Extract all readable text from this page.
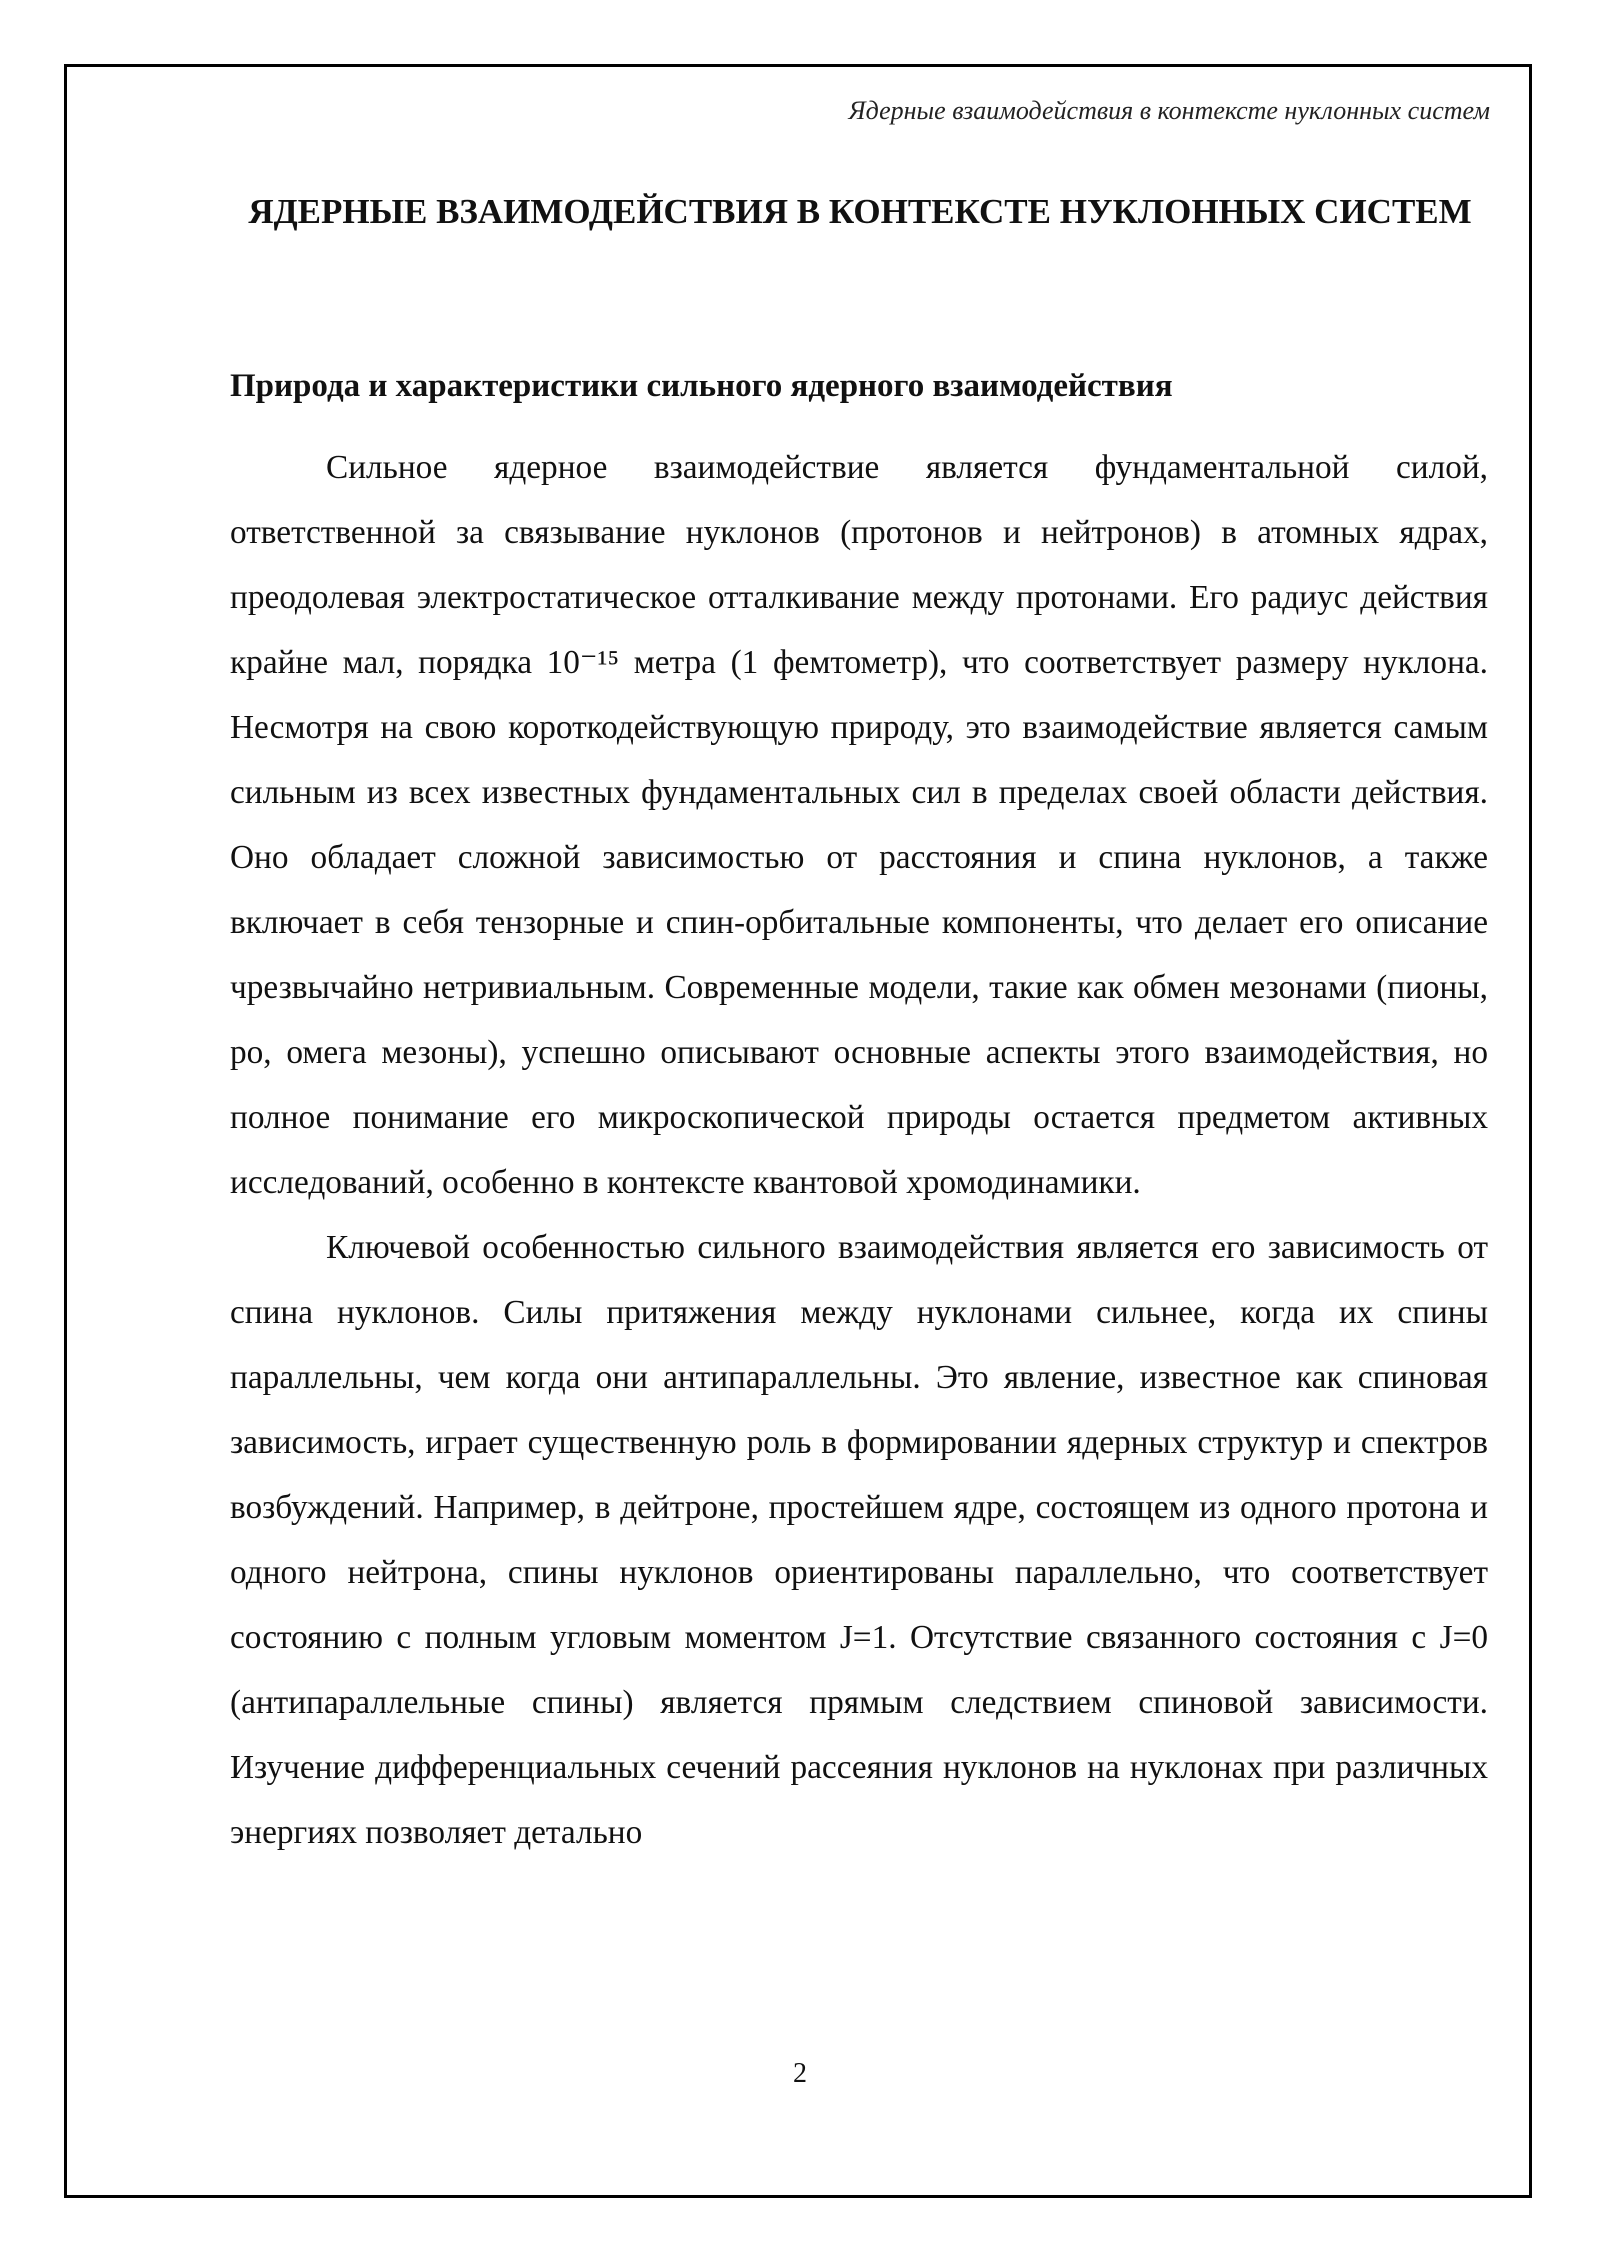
Ядерные взаимодействия в контексте нуклонных систем
ЯДЕРНЫЕ ВЗАИМОДЕЙСТВИЯ В КОНТЕКСТЕ НУКЛОННЫХ СИСТЕМ
Природа и характеристики сильного ядерного взаимодействия

Сильное ядерное взаимодействие является фундаментальной силой, ответственной за связывание нуклонов (протонов и нейтронов) в атомных ядрах, преодолевая электростатическое отталкивание между протонами. Его радиус действия крайне мал, порядка 10⁻¹⁵ метра (1 фемтометр), что соответствует размеру нуклона. Несмотря на свою короткодействующую природу, это взаимодействие является самым сильным из всех известных фундаментальных сил в пределах своей области действия. Оно обладает сложной зависимостью от расстояния и спина нуклонов, а также включает в себя тензорные и спин-орбитальные компоненты, что делает его описание чрезвычайно нетривиальным. Современные модели, такие как обмен мезонами (пионы, ро, омега мезоны), успешно описывают основные аспекты этого взаимодействия, но полное понимание его микроскопической природы остается предметом активных исследований, особенно в контексте квантовой хромодинамики.

Ключевой особенностью сильного взаимодействия является его зависимость от спина нуклонов. Силы притяжения между нуклонами сильнее, когда их спины параллельны, чем когда они антипараллельны. Это явление, известное как спиновая зависимость, играет существенную роль в формировании ядерных структур и спектров возбуждений. Например, в дейтроне, простейшем ядре, состоящем из одного протона и одного нейтрона, спины нуклонов ориентированы параллельно, что соответствует состоянию с полным угловым моментом J=1. Отсутствие связанного состояния с J=0 (антипараллельные спины) является прямым следствием спиновой зависимости. Изучение дифференциальных сечений рассеяния нуклонов на нуклонах при различных энергиях позволяет детально

2
